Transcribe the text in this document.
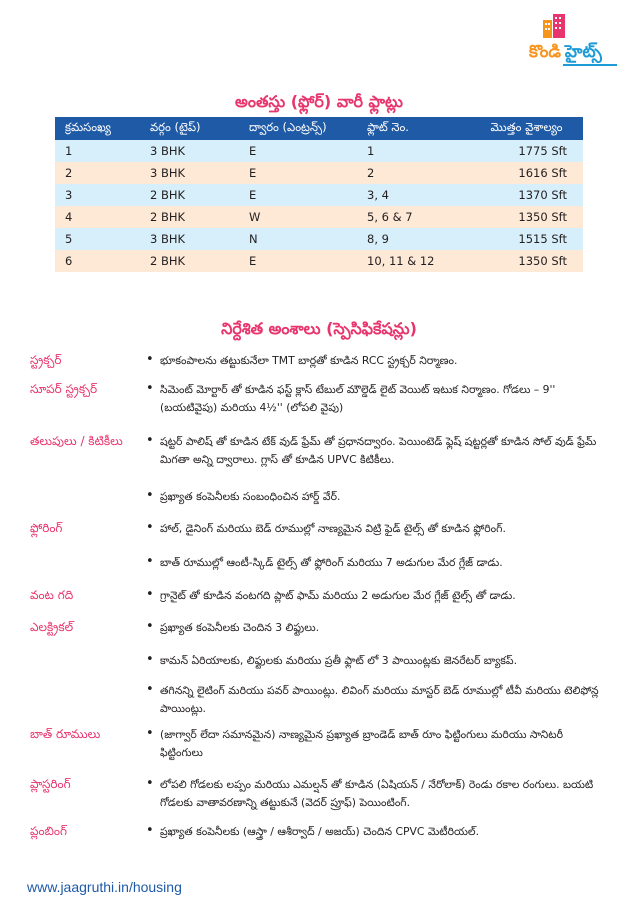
కొండి హైట్స్
అంతస్తు (ఫ్లోర్) వారీ ఫ్లాట్లు
క్రమసంఖ్య	వర్గం (టైప్)	ద్వారం (ఎంట్రన్స్)	ఫ్లాట్ నెం.	మొత్తం వైశాల్యం
1	3 BHK	E	1	1775 Sft
2	3 BHK	E	2	1616 Sft
3	2 BHK	E	3, 4	1370 Sft
4	2 BHK	W	5, 6 & 7	1350 Sft
5	3 BHK	N	8, 9	1515 Sft
6	2 BHK	E	10, 11 & 12	1350 Sft
నిర్దేశిత అంశాలు (స్పెసిఫికేషన్లు)
స్ట్రక్చర్	• భూకంపాలను తట్టుకునేలా TMT బార్లతో కూడిన RCC స్ట్రక్చర్ నిర్మాణం.
సూపర్ స్ట్రక్చర్	• సిమెంట్ మోర్టార్ తో కూడిన ఫస్ట్ క్లాస్ టేబుల్ మౌల్డెడ్ లైట్ వెయిట్ ఇటుక నిర్మాణం. గోడలు – 9'' (బయటివైపు) మరియు 4½'' (లోపలి వైపు)
తలుపులు / కిటికీలు • షట్టర్ పాలిష్ తో కూడిన టేక్ వుడ్ ఫ్రేమ్ తో ప్రధానద్వారం. పెయింటెడ్ ఫ్లెష్ షట్టర్లతో కూడిన సోల్ వుడ్ ఫ్రేమ్ మిగతా అన్ని ద్వారాలు. గ్లాస్ తో కూడిన UPVC కిటికీలు.
• ప్రఖ్యాత కంపెనీలకు సంబంధించిన హార్డ్ వేర్.
ఫ్లోరింగ్	• హాల్, డైనింగ్ మరియు బెడ్ రూముల్లో నాణ్యమైన విట్రి ఫైడ్ టైల్స్ తో కూడిన ఫ్లోరింగ్.
• బాత్ రూముల్లో ఆంటీ-స్కిడ్ టైల్స్ తో ఫ్లోరింగ్ మరియు 7 అడుగుల మేర గ్లేజ్ డాడు.
వంట గది	• గ్రానైట్ తో కూడిన వంటగది ప్లాట్ ఫామ్ మరియు 2 అడుగుల మేర గ్లేజ్ టైల్స్ తో డాడు.
ఎలక్ట్రికల్	• ప్రఖ్యాత కంపెనీలకు చెందిన 3 లిఫ్టులు.
• కామన్ ఏరియాలకు, లిఫ్టులకు మరియు ప్రతీ ఫ్లాట్ లో 3 పాయింట్లకు జెనరేటర్ బ్యాకప్.
• తగినన్ని లైటింగ్ మరియు పవర్ పాయింట్లు. లివింగ్ మరియు మాస్టర్ బెడ్ రూముల్లో టీవీ మరియు టెలిఫోన్ల పాయింట్లు.
బాత్ రూములు	• (జాగ్వార్ లేదా సమానమైన) నాణ్యమైన ప్రఖ్యాత బ్రాండెడ్ బాత్ రూం ఫిట్టింగులు మరియు సానిటరీ ఫిట్టింగులు
ప్లాస్టరింగ్	• లోపలి గోడలకు లప్పం మరియు ఎమల్షన్ తో కూడిన (ఏషియన్ / నేరోలాక్) రెండు రకాల రంగులు. బయటి గోడలకు వాతావరణాన్ని తట్టుకునే (వెదర్ ప్రూఫ్) పెయింటింగ్.
ప్లంబింగ్	• ప్రఖ్యాత కంపెనీలకు (ఆస్త్రా / ఆశీర్వాద్ / అజయ్) చెందిన CPVC మెటీరియల్.
www.jaagruthi.in/housing
